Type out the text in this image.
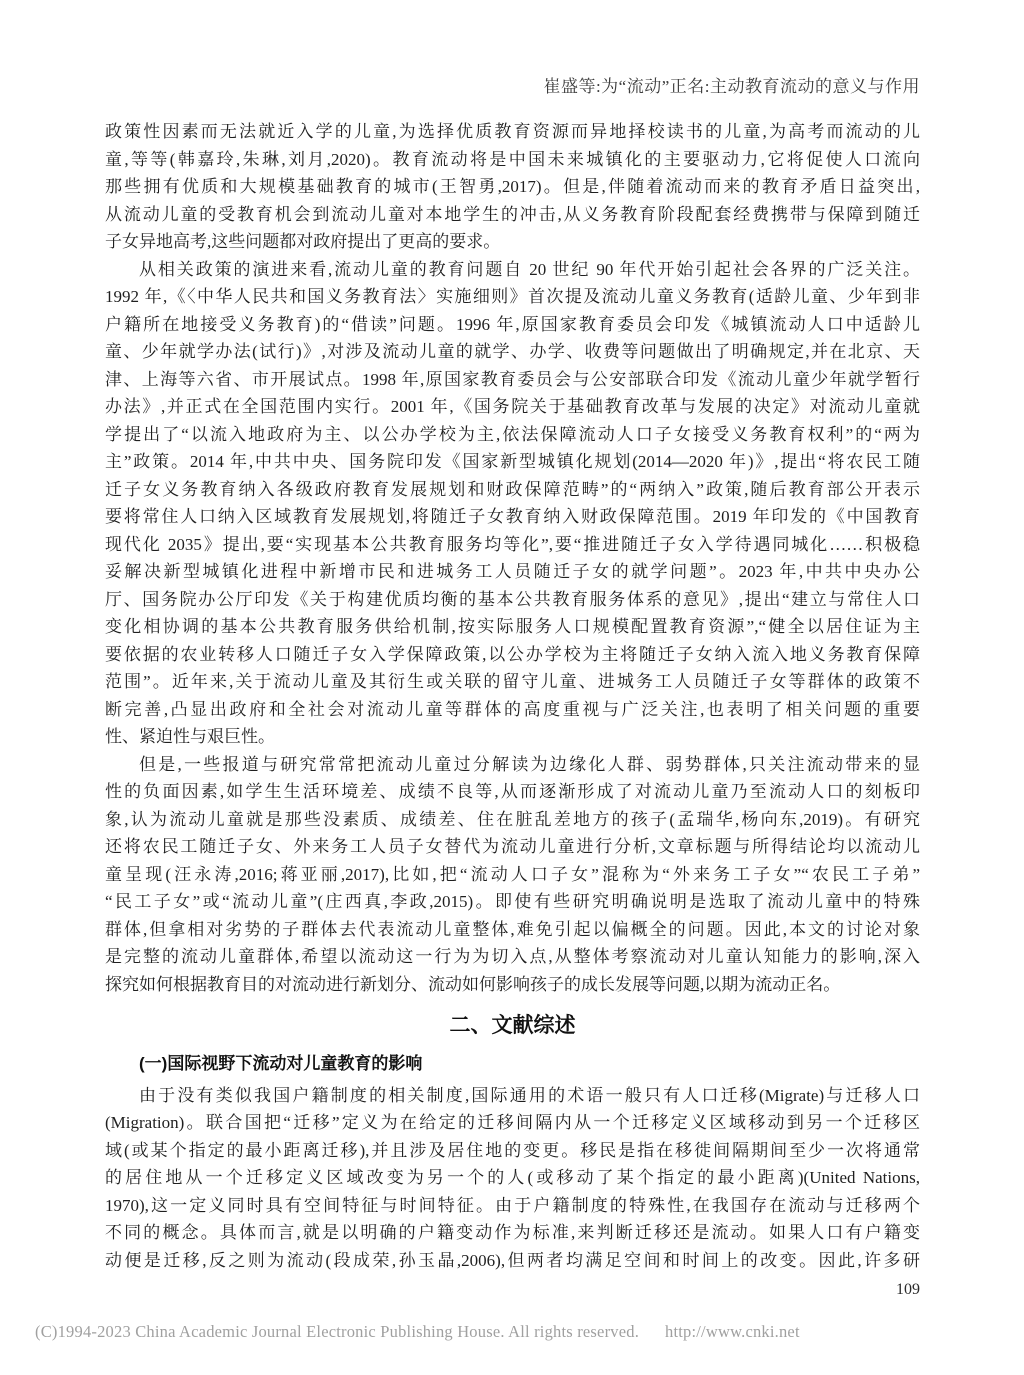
崔盛等:为“流动”正名:主动教育流动的意义与作用
政策性因素而无法就近入学的儿童,为选择优质教育资源而异地择校读书的儿童,为高考而流动的儿
童,等等(韩嘉玲,朱琳,刘月,2020)。教育流动将是中国未来城镇化的主要驱动力,它将促使人口流向
那些拥有优质和大规模基础教育的城市(王智勇,2017)。但是,伴随着流动而来的教育矛盾日益突出,
从流动儿童的受教育机会到流动儿童对本地学生的冲击,从义务教育阶段配套经费携带与保障到随迁
子女异地高考,这些问题都对政府提出了更高的要求。
从相关政策的演进来看,流动儿童的教育问题自 20 世纪 90 年代开始引起社会各界的广泛关注。
1992 年,《〈中华人民共和国义务教育法〉实施细则》首次提及流动儿童义务教育(适龄儿童、少年到非
户籍所在地接受义务教育)的“借读”问题。1996 年,原国家教育委员会印发《城镇流动人口中适龄儿
童、少年就学办法(试行)》,对涉及流动儿童的就学、办学、收费等问题做出了明确规定,并在北京、天
津、上海等六省、市开展试点。1998 年,原国家教育委员会与公安部联合印发《流动儿童少年就学暂行
办法》,并正式在全国范围内实行。2001 年,《国务院关于基础教育改革与发展的决定》对流动儿童就
学提出了“以流入地政府为主、以公办学校为主,依法保障流动人口子女接受义务教育权利”的“两为
主”政策。2014 年,中共中央、国务院印发《国家新型城镇化规划(2014—2020 年)》,提出“将农民工随
迁子女义务教育纳入各级政府教育发展规划和财政保障范畴”的“两纳入”政策,随后教育部公开表示
要将常住人口纳入区域教育发展规划,将随迁子女教育纳入财政保障范围。2019 年印发的《中国教育
现代化 2035》提出,要“实现基本公共教育服务均等化”,要“推进随迁子女入学待遇同城化……积极稳
妥解决新型城镇化进程中新增市民和进城务工人员随迁子女的就学问题”。2023 年,中共中央办公
厅、国务院办公厅印发《关于构建优质均衡的基本公共教育服务体系的意见》,提出“建立与常住人口
变化相协调的基本公共教育服务供给机制,按实际服务人口规模配置教育资源”,“健全以居住证为主
要依据的农业转移人口随迁子女入学保障政策,以公办学校为主将随迁子女纳入流入地义务教育保障
范围”。近年来,关于流动儿童及其衍生或关联的留守儿童、进城务工人员随迁子女等群体的政策不
断完善,凸显出政府和全社会对流动儿童等群体的高度重视与广泛关注,也表明了相关问题的重要
性、紧迫性与艰巨性。
但是,一些报道与研究常常把流动儿童过分解读为边缘化人群、弱势群体,只关注流动带来的显
性的负面因素,如学生生活环境差、成绩不良等,从而逐渐形成了对流动儿童乃至流动人口的刻板印
象,认为流动儿童就是那些没素质、成绩差、住在脏乱差地方的孩子(孟瑞华,杨向东,2019)。有研究
还将农民工随迁子女、外来务工人员子女替代为流动儿童进行分析,文章标题与所得结论均以流动儿
童呈现(汪永涛,2016;蒋亚丽,2017),比如,把“流动人口子女”混称为“外来务工子女”“农民工子弟”
“民工子女”或“流动儿童”(庄西真,李政,2015)。即使有些研究明确说明是选取了流动儿童中的特殊
群体,但拿相对劣势的子群体去代表流动儿童整体,难免引起以偏概全的问题。因此,本文的讨论对象
是完整的流动儿童群体,希望以流动这一行为为切入点,从整体考察流动对儿童认知能力的影响,深入
探究如何根据教育目的对流动进行新划分、流动如何影响孩子的成长发展等问题,以期为流动正名。
二、文献综述
(一)国际视野下流动对儿童教育的影响
由于没有类似我国户籍制度的相关制度,国际通用的术语一般只有人口迁移(Migrate)与迁移人口
(Migration)。联合国把“迁移”定义为在给定的迁移间隔内从一个迁移定义区域移动到另一个迁移区
域(或某个指定的最小距离迁移),并且涉及居住地的变更。移民是指在移徙间隔期间至少一次将通常
的居住地从一个迁移定义区域改变为另一个的人(或移动了某个指定的最小距离)(United Nations,
1970),这一定义同时具有空间特征与时间特征。由于户籍制度的特殊性,在我国存在流动与迁移两个
不同的概念。具体而言,就是以明确的户籍变动作为标准,来判断迁移还是流动。如果人口有户籍变
动便是迁移,反之则为流动(段成荣,孙玉晶,2006),但两者均满足空间和时间上的改变。因此,许多研
109
(C)1994-2023 China Academic Journal Electronic Publishing House. All rights reserved. http://www.cnki.net
